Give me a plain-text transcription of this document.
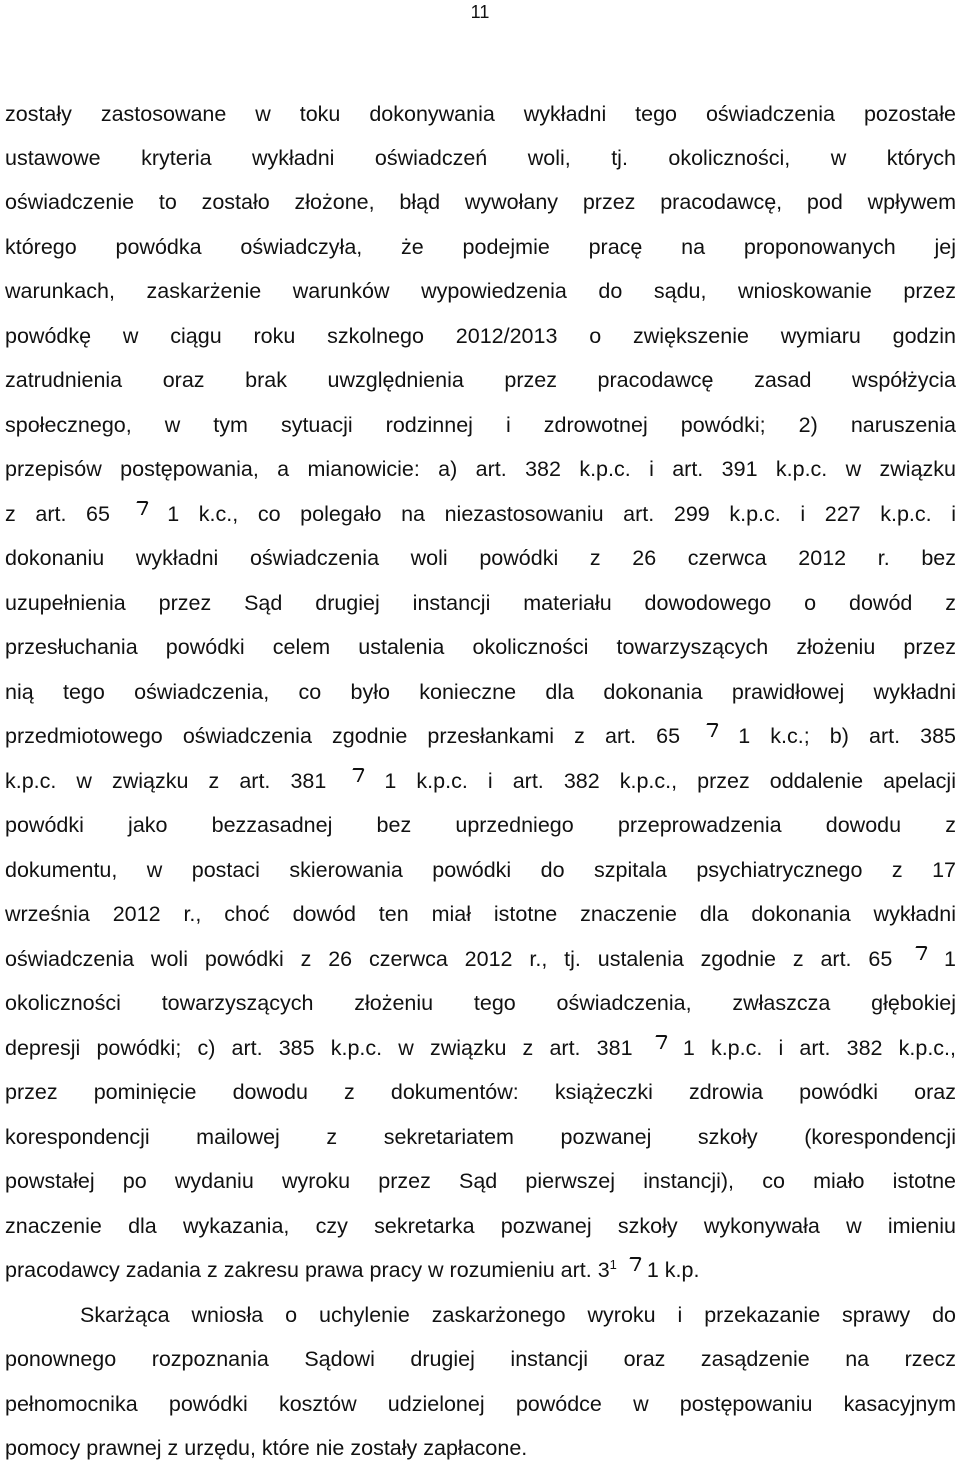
11
zostały zastosowane w toku dokonywania wykładni tego oświadczenia pozostałe
ustawowe kryteria wykładni oświadczeń woli, tj. okoliczności, w których
oświadczenie to zostało złożone, błąd wywołany przez pracodawcę, pod wpływem
którego powódka oświadczyła, że podejmie pracę na proponowanych jej
warunkach, zaskarżenie warunków wypowiedzenia do sądu, wnioskowanie przez
powódkę w ciągu roku szkolnego 2012/2013 o zwiększenie wymiaru godzin
zatrudnienia oraz brak uwzględnienia przez pracodawcę zasad współżycia
społecznego, w tym sytuacji rodzinnej i zdrowotnej powódki; 2) naruszenia
przepisów postępowania, a mianowicie: a) art. 382 k.p.c. i art. 391 k.p.c. w związku
z art. 65  1 k.c., co polegało na niezastosowaniu art. 299 k.p.c. i 227 k.p.c. i
dokonaniu wykładni oświadczenia woli powódki z 26 czerwca 2012 r. bez
uzupełnienia przez Sąd drugiej instancji materiału dowodowego o dowód z
przesłuchania powódki celem ustalenia okoliczności towarzyszących złożeniu przez
nią tego oświadczenia, co było konieczne dla dokonania prawidłowej wykładni
przedmiotowego oświadczenia zgodnie przesłankami z art. 65  1 k.c.; b) art. 385
k.p.c. w związku z art. 381  1 k.p.c. i art. 382 k.p.c., przez oddalenie apelacji
powódki jako bezzasadnej bez uprzedniego przeprowadzenia dowodu z
dokumentu, w postaci skierowania powódki do szpitala psychiatrycznego z 17
września 2012 r., choć dowód ten miał istotne znaczenie dla dokonania wykładni
oświadczenia woli powódki z 26 czerwca 2012 r., tj. ustalenia zgodnie z art. 65  1
okoliczności towarzyszących złożeniu tego oświadczenia, zwłaszcza głębokiej
depresji powódki; c) art. 385 k.p.c. w związku z art. 381  1 k.p.c. i art. 382 k.p.c.,
przez pominięcie dowodu z dokumentów: książeczki zdrowia powódki oraz
korespondencji mailowej z sekretariatem pozwanej szkoły (korespondencji
powstałej po wydaniu wyroku przez Sąd pierwszej instancji), co miało istotne
znaczenie dla wykazania, czy sekretarka pozwanej szkoły wykonywała w imieniu
pracodawcy zadania z zakresu prawa pracy w rozumieniu art. $3^1$  1 k.p.
Skarżąca wniosła o uchylenie zaskarżonego wyroku i przekazanie sprawy do
ponownego rozpoznania Sądowi drugiej instancji oraz zasądzenie na rzecz
pełnomocnika powódki kosztów udzielonej powódce w postępowaniu kasacyjnym
pomocy prawnej z urzędu, które nie zostały zapłacone.
